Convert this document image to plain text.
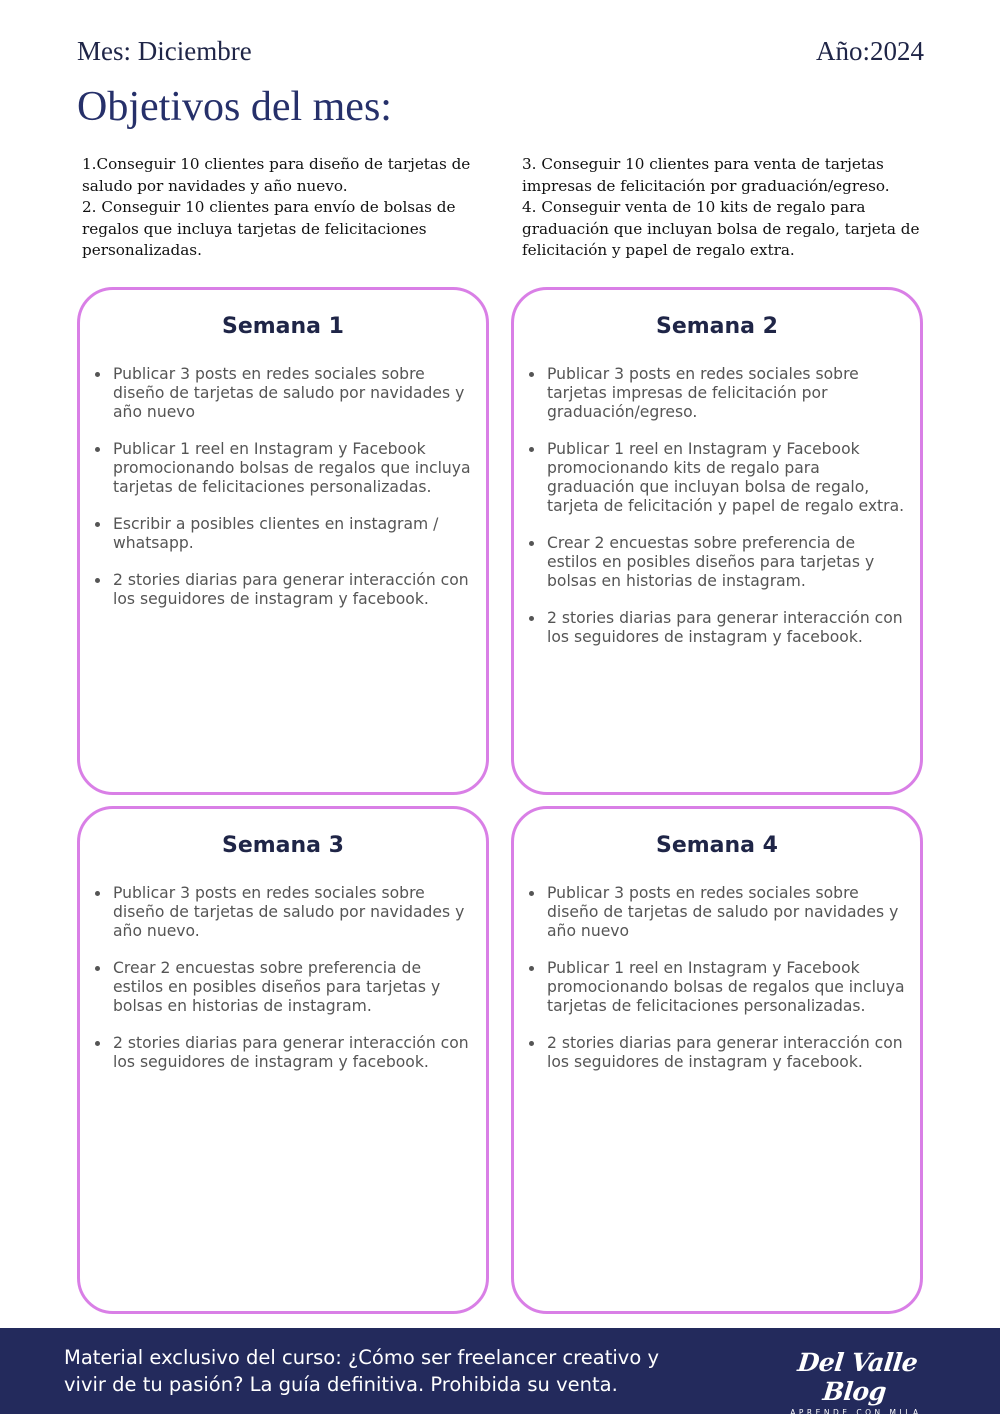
Mes: Diciembre	Año:2024
Objetivos del mes:
1.Conseguir 10 clientes para diseño de tarjetas de saludo por navidades y año nuevo.
2. Conseguir 10 clientes para envío de bolsas de regalos que incluya tarjetas de felicitaciones personalizadas.
3. Conseguir 10 clientes para venta de tarjetas impresas de felicitación por graduación/egreso.
4. Conseguir venta de 10 kits de regalo para graduación que incluyan bolsa de regalo, tarjeta de felicitación y papel de regalo extra.
Semana 1
Publicar 3 posts en redes sociales sobre diseño de tarjetas de saludo por navidades y año nuevo
Publicar 1 reel en Instagram y Facebook promocionando bolsas de regalos que incluya tarjetas de felicitaciones personalizadas.
Escribir a posibles clientes en instagram / whatsapp.
2 stories diarias para generar interacción con los seguidores de instagram y facebook.
Semana 2
Publicar 3 posts en redes sociales sobre tarjetas impresas de felicitación por graduación/egreso.
Publicar 1 reel en Instagram y Facebook promocionando kits de regalo para graduación que incluyan bolsa de regalo, tarjeta de felicitación y papel de regalo extra.
Crear 2 encuestas sobre preferencia de estilos en posibles diseños para tarjetas y bolsas en historias de instagram.
2 stories diarias para generar interacción con los seguidores de instagram y facebook.
Semana 3
Publicar 3 posts en redes sociales sobre diseño de tarjetas de saludo por navidades y año nuevo.
Crear 2 encuestas sobre preferencia de estilos en posibles diseños para tarjetas y bolsas en historias de instagram.
2 stories diarias para generar interacción con los seguidores de instagram y facebook.
Semana 4
Publicar 3 posts en redes sociales sobre diseño de tarjetas de saludo por navidades y año nuevo
Publicar 1 reel en Instagram y Facebook promocionando bolsas de regalos que incluya tarjetas de felicitaciones personalizadas.
2 stories diarias para generar interacción con los seguidores de instagram y facebook.
Material exclusivo del curso: ¿Cómo ser freelancer creativo y vivir de tu pasión? La guía definitiva. Prohibida su venta.
Del Valle Blog
APRENDE CON MILA
